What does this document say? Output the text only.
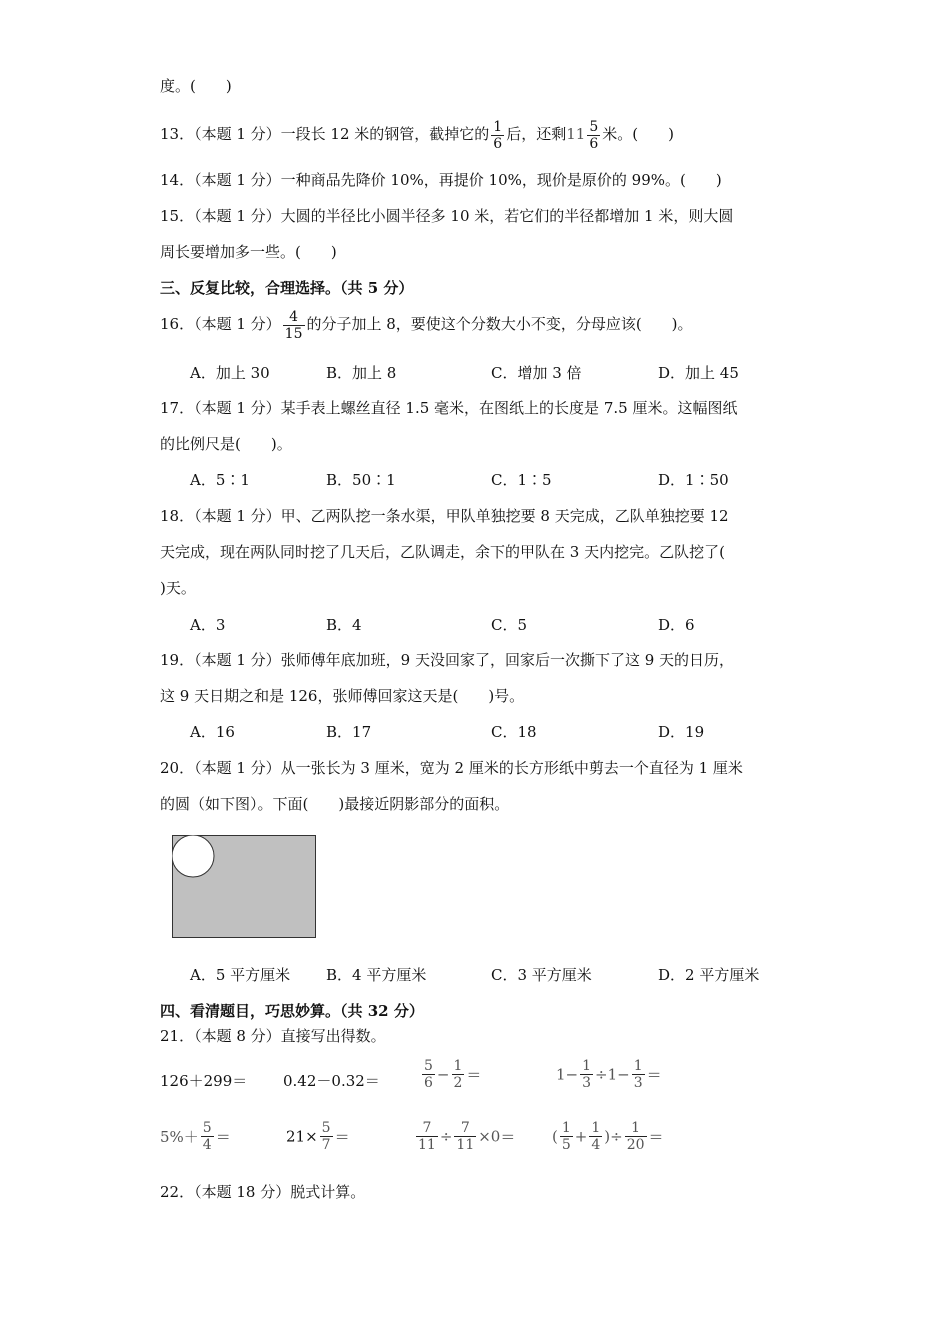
度。(　　)
13．（本题 1 分）一段长 12 米的钢管，截掉它的 $\frac{1}{6}$ 后，还剩$11 \frac{5}{6}$ 米。(　　)
14．（本题 1 分）一种商品先降价 10%，再提价 10%，现价是原价的 99%。(　　)
15．（本题 1 分）大圆的半径比小圆半径多 10 米，若它们的半径都增加 1 米，则大圆
周长要增加多一些。(　　)
三、反复比较，合理选择。（共 5 分）
16．（本题 1 分） $\frac{4}{15}$ 的分子加上 8，要使这个分数大小不变，分母应该(　　)。
A．加上 30	B．加上 8	C．增加 3 倍	D．加上 45
17．（本题 1 分）某手表上螺丝直径 1.5 毫米，在图纸上的长度是 7.5 厘米。这幅图纸
的比例尺是(　　)。
A．5∶1	B．50∶1	C．1∶5	D．1∶50
18．（本题 1 分）甲、乙两队挖一条水渠，甲队单独挖要 8 天完成，乙队单独挖要 12
天完成，现在两队同时挖了几天后，乙队调走，余下的甲队在 3 天内挖完。乙队挖了(
)天。
A．3	B．4	C．5	D．6
19．（本题 1 分）张师傅年底加班，9 天没回家了，回家后一次撕下了这 9 天的日历，
这 9 天日期之和是 126，张师傅回家这天是(　　)号。
A．16	B．17	C．18	D．19
20．（本题 1 分）从一张长为 3 厘米，宽为 2 厘米的长方形纸中剪去一个直径为 1 厘米
的圆（如下图）。下面(　　)最接近阴影部分的面积。
A．5 平方厘米 B．4 平方厘米	C．3 平方厘米	D．2 平方厘米
四、看清题目，巧思妙算。（共 32 分）
21．（本题 8 分）直接写出得数。
126＋299＝ 0.42－0.32＝	$\frac{5}{6} - \frac{1}{2}$ ＝	$1- \frac{1}{3} \div 1- \frac{1}{3}$ ＝
$5\%+ \frac{5}{4}$ ＝	$21\times \frac{5}{7}$ ＝	$\frac{7}{11} \div \frac{7}{11} \times 0=$ ( $\frac{1}{5} + \frac{1}{4}$ )÷ $\frac{1}{20}$ ＝
22．（本题 18 分）脱式计算。
